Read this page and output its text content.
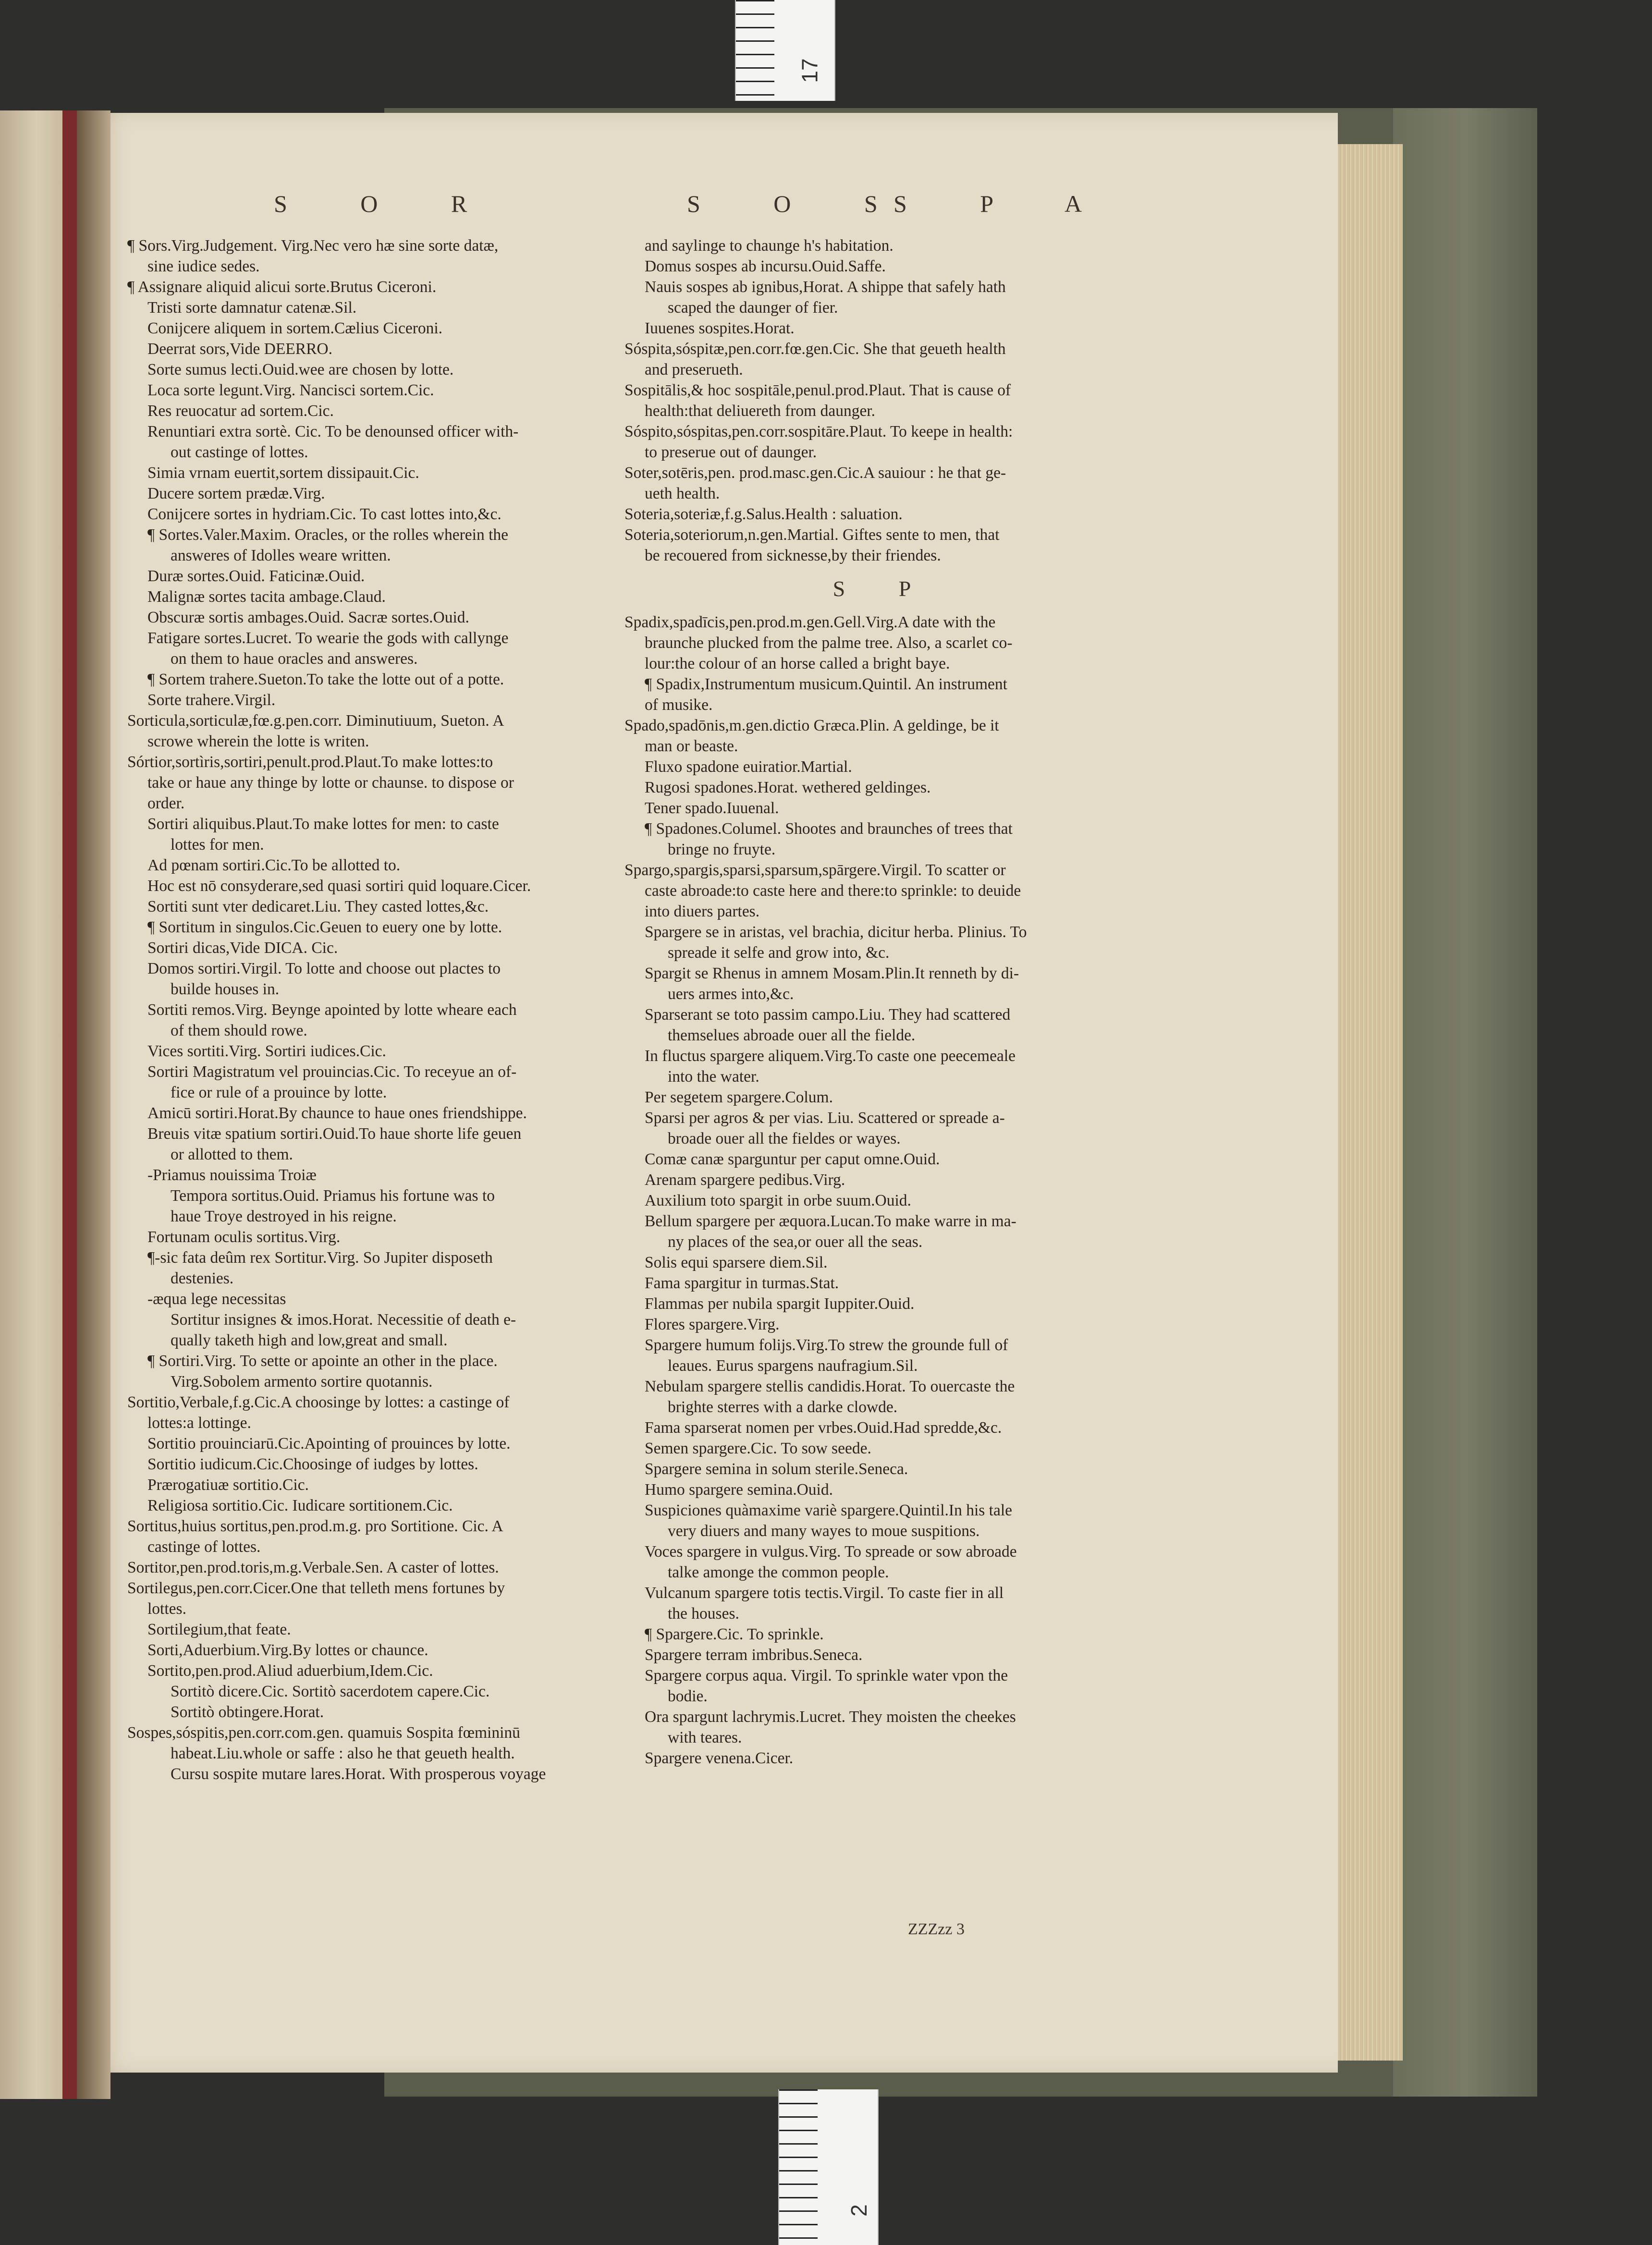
17
S O R	S O S
S P A
¶ Sors.Virg.Judgement. Virg.Nec vero hæ sine sorte datæ,
sine iudice sedes.
¶ Assignare aliquid alicui sorte.Brutus Ciceroni.
Tristi sorte damnatur catenæ.Sil.
Conijcere aliquem in sortem.Cælius Ciceroni.
Deerrat sors,Vide DEERRO.
Sorte sumus lecti.Ouid.wee are chosen by lotte.
Loca sorte legunt.Virg. Nancisci sortem.Cic.
Res reuocatur ad sortem.Cic.
Renuntiari extra sortè. Cic. To be denounsed officer with-
out castinge of lottes.
Simia vrnam euertit,sortem dissipauit.Cic.
Ducere sortem prædæ.Virg.
Conijcere sortes in hydriam.Cic. To cast lottes into,&c.
¶ Sortes.Valer.Maxim. Oracles, or the rolles wherein the
answeres of Idolles weare written.
Duræ sortes.Ouid. Faticinæ.Ouid.
Malignæ sortes tacita ambage.Claud.
Obscuræ sortis ambages.Ouid. Sacræ sortes.Ouid.
Fatigare sortes.Lucret. To wearie the gods with callynge
on them to haue oracles and answeres.
¶ Sortem trahere.Sueton.To take the lotte out of a potte.
Sorte trahere.Virgil.
Sorticula,sorticulæ,fœ.g.pen.corr. Diminutiuum, Sueton. A
scrowe wherein the lotte is writen.
Sórtior,sortìris,sortiri,penult.prod.Plaut.To make lottes:to
take or haue any thinge by lotte or chaunse. to dispose or
order.
Sortiri aliquibus.Plaut.To make lottes for men: to caste
lottes for men.
Ad pœnam sortiri.Cic.To be allotted to.
Hoc est nō consyderare,sed quasi sortiri quid loquare.Cicer.
Sortiti sunt vter dedicaret.Liu. They casted lottes,&c.
¶ Sortitum in singulos.Cic.Geuen to euery one by lotte.
Sortiri dicas,Vide DICA. Cic.
Domos sortiri.Virgil. To lotte and choose out plactes to
builde houses in.
Sortiti remos.Virg. Beynge apointed by lotte wheare each
of them should rowe.
Vices sortiti.Virg. Sortiri iudices.Cic.
Sortiri Magistratum vel prouincias.Cic. To receyue an of-
fice or rule of a prouince by lotte.
Amicū sortiri.Horat.By chaunce to haue ones friendshippe.
Breuis vitæ spatium sortiri.Ouid.To haue shorte life geuen
or allotted to them.
-Priamus nouissima Troiæ
Tempora sortitus.Ouid. Priamus his fortune was to
haue Troye destroyed in his reigne.
Fortunam oculis sortitus.Virg.
¶-sic fata deûm rex Sortitur.Virg. So Jupiter disposeth
destenies.
-æqua lege necessitas
Sortitur insignes & imos.Horat. Necessitie of death e-
qually taketh high and low,great and small.
¶ Sortiri.Virg. To sette or apointe an other in the place.
Virg.Sobolem armento sortire quotannis.
Sortitio,Verbale,f.g.Cic.A choosinge by lottes: a castinge of
lottes:a lottinge.
Sortitio prouinciarū.Cic.Apointing of prouinces by lotte.
Sortitio iudicum.Cic.Choosinge of iudges by lottes.
Prærogatiuæ sortitio.Cic.
Religiosa sortitio.Cic. Iudicare sortitionem.Cic.
Sortitus,huius sortitus,pen.prod.m.g. pro Sortitione. Cic. A
castinge of lottes.
Sortitor,pen.prod.toris,m.g.Verbale.Sen. A caster of lottes.
Sortilegus,pen.corr.Cicer.One that telleth mens fortunes by
lottes.
Sortilegium,that feate.
Sorti,Aduerbium.Virg.By lottes or chaunce.
Sortito,pen.prod.Aliud aduerbium,Idem.Cic.
Sortitò dicere.Cic. Sortitò sacerdotem capere.Cic.
Sortitò obtingere.Horat.
Sospes,sóspitis,pen.corr.com.gen. quamuis Sospita fœmininū
habeat.Liu.whole or saffe : also he that geueth health.
Cursu sospite mutare lares.Horat. With prosperous voyage
and saylinge to chaunge h's habitation.
Domus sospes ab incursu.Ouid.Saffe.
Nauis sospes ab ignibus,Horat. A shippe that safely hath
scaped the daunger of fier.
Iuuenes sospites.Horat.
Sóspita,sóspitæ,pen.corr.fœ.gen.Cic. She that geueth health
and preserueth.
Sospitālis,& hoc sospitāle,penul.prod.Plaut. That is cause of
health:that deliuereth from daunger.
Sóspito,sóspitas,pen.corr.sospitāre.Plaut. To keepe in health:
to preserue out of daunger.
Soter,sotēris,pen. prod.masc.gen.Cic.A sauiour : he that ge-
ueth health.
Soteria,soteriæ,f.g.Salus.Health : saluation.
Soteria,soteriorum,n.gen.Martial. Giftes sente to men, that
be recouered from sicknesse,by their friendes.
S P
Spadix,spadīcis,pen.prod.m.gen.Gell.Virg.A date with the
braunche plucked from the palme tree. Also, a scarlet co-
lour:the colour of an horse called a bright baye.
¶ Spadix,Instrumentum musicum.Quintil. An instrument
of musike.
Spado,spadōnis,m.gen.dictio Græca.Plin. A geldinge, be it
man or beaste.
Fluxo spadone euiratior.Martial.
Rugosi spadones.Horat. wethered geldinges.
Tener spado.Iuuenal.
¶ Spadones.Columel. Shootes and braunches of trees that
bringe no fruyte.
Spargo,spargis,sparsi,sparsum,spārgere.Virgil. To scatter or
caste abroade:to caste here and there:to sprinkle: to deuide
into diuers partes.
Spargere se in aristas, vel brachia, dicitur herba. Plinius. To
spreade it selfe and grow into, &c.
Spargit se Rhenus in amnem Mosam.Plin.It renneth by di-
uers armes into,&c.
Sparserant se toto passim campo.Liu. They had scattered
themselues abroade ouer all the fielde.
In fluctus spargere aliquem.Virg.To caste one peecemeale
into the water.
Per segetem spargere.Colum.
Sparsi per agros & per vias. Liu. Scattered or spreade a-
broade ouer all the fieldes or wayes.
Comæ canæ sparguntur per caput omne.Ouid.
Arenam spargere pedibus.Virg.
Auxilium toto spargit in orbe suum.Ouid.
Bellum spargere per æquora.Lucan.To make warre in ma-
ny places of the sea,or ouer all the seas.
Solis equi sparsere diem.Sil.
Fama spargitur in turmas.Stat.
Flammas per nubila spargit Iuppiter.Ouid.
Flores spargere.Virg.
Spargere humum folijs.Virg.To strew the grounde full of
leaues. Eurus spargens naufragium.Sil.
Nebulam spargere stellis candidis.Horat. To ouercaste the
brighte sterres with a darke clowde.
Fama sparserat nomen per vrbes.Ouid.Had spredde,&c.
Semen spargere.Cic. To sow seede.
Spargere semina in solum sterile.Seneca.
Humo spargere semina.Ouid.
Suspiciones quàmaxime variè spargere.Quintil.In his tale
very diuers and many wayes to moue suspitions.
Voces spargere in vulgus.Virg. To spreade or sow abroade
talke amonge the common people.
Vulcanum spargere totis tectis.Virgil. To caste fier in all
the houses.
¶ Spargere.Cic. To sprinkle.
Spargere terram imbribus.Seneca.
Spargere corpus aqua. Virgil. To sprinkle water vpon the
bodie.
Ora spargunt lachrymis.Lucret. They moisten the cheekes
with teares.
Spargere venena.Cicer.
ZZZzz 3
2
